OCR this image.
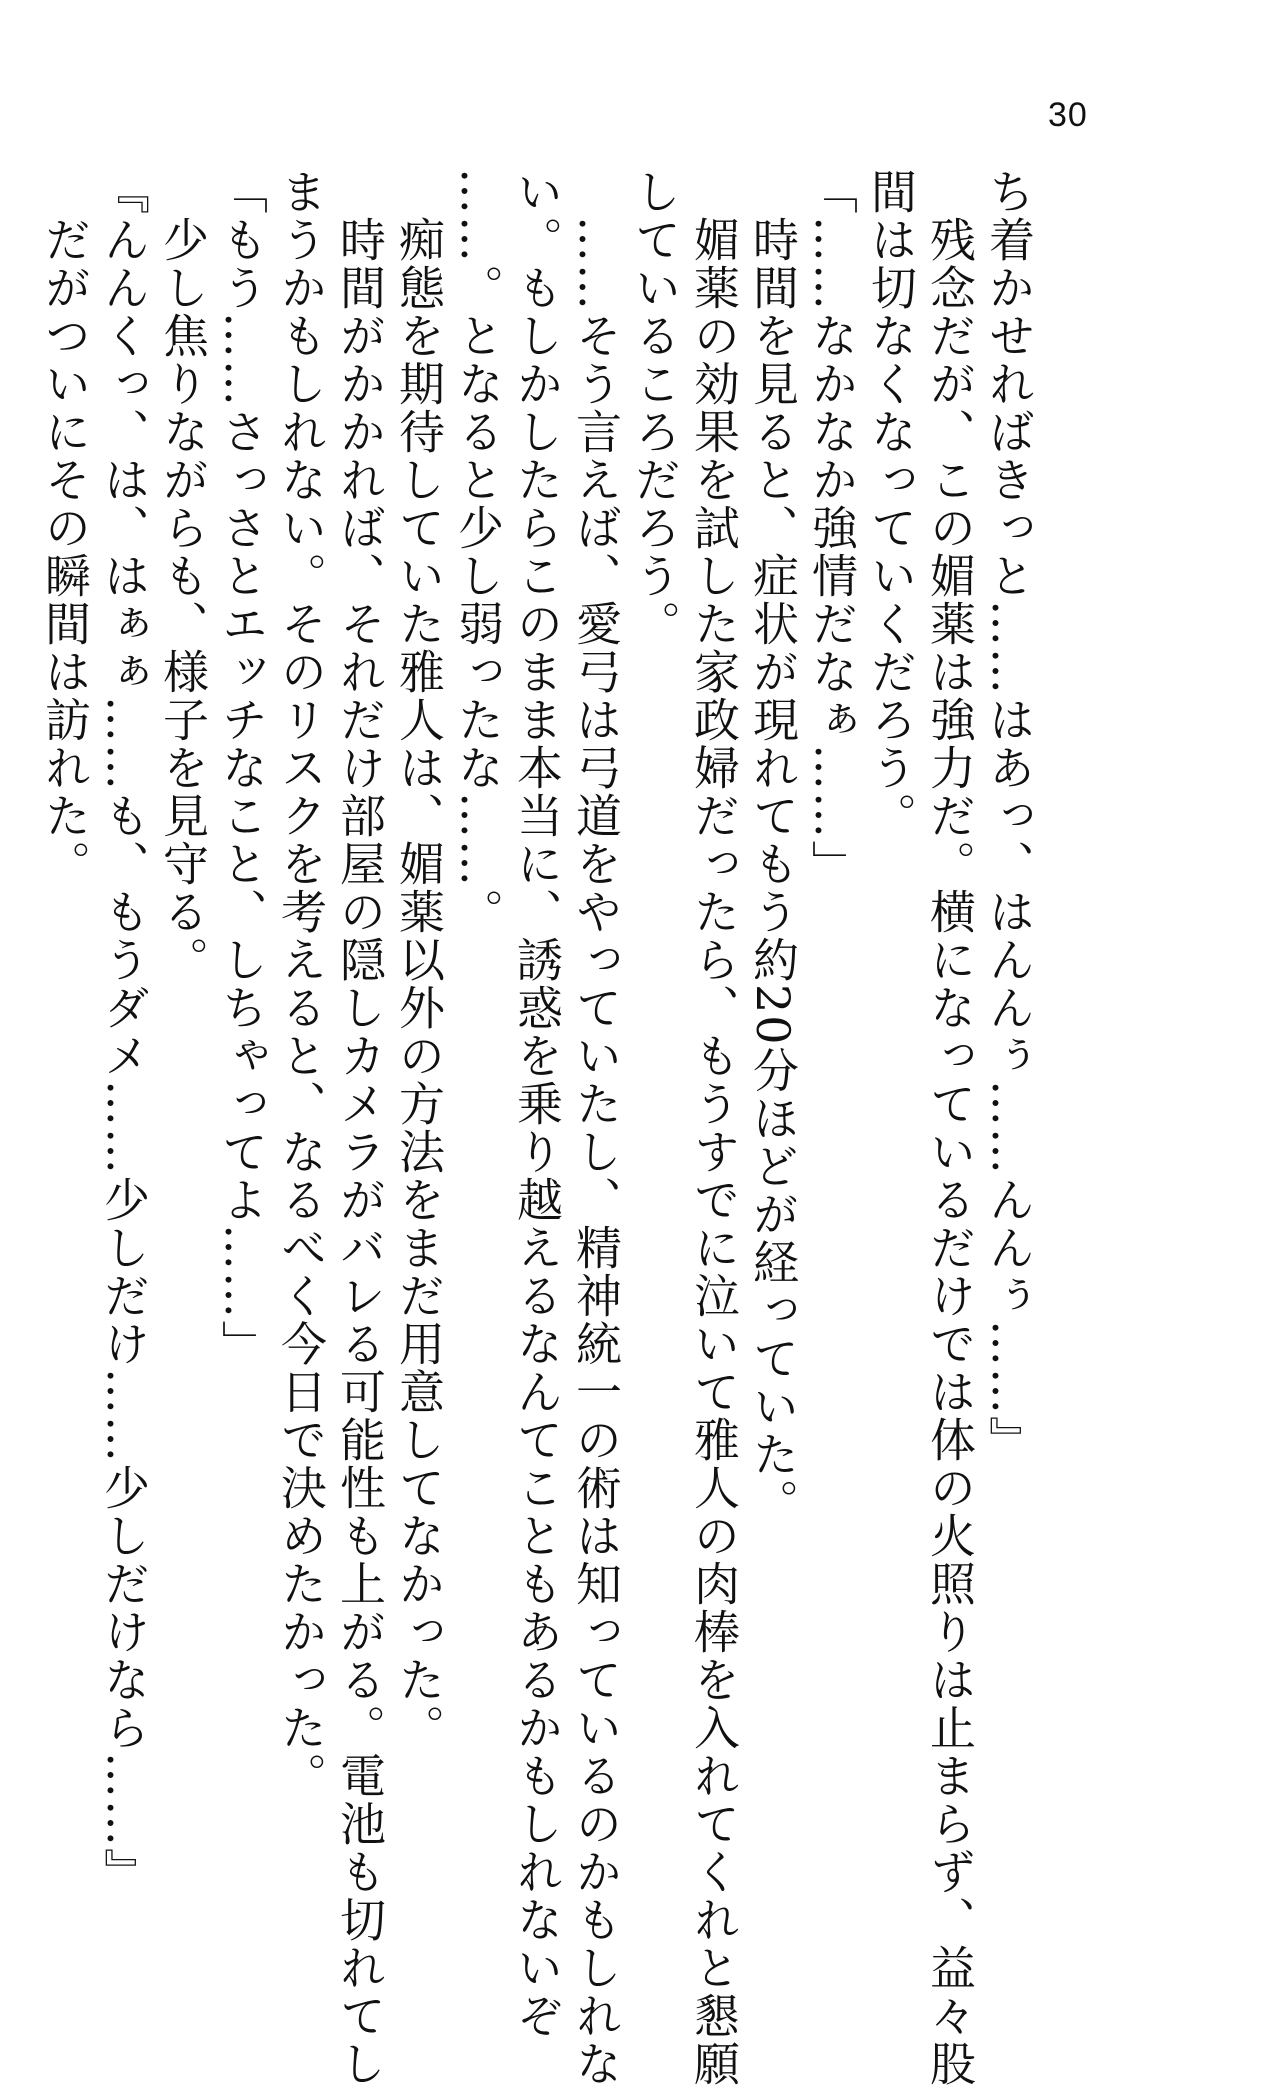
30
ち着かせればきっと……はあっ、はんんぅ……んんぅ……』
　残念だが、この媚薬は強力だ。横になっているだけでは体の火照りは止まらず、益々股
間は切なくなっていくだろう。
「……なかなか強情だなぁ……」
　時間を見ると、症状が現れてもう約20分ほどが経っていた。
　媚薬の効果を試した家政婦だったら、もうすでに泣いて雅人の肉棒を入れてくれと懇願
しているころだろう。
　……そう言えば、愛弓は弓道をやっていたし、精神統一の術は知っているのかもしれな
い。もしかしたらこのまま本当に、誘惑を乗り越えるなんてこともあるかもしれないぞ
……。となると少し弱ったな……。
　痴態を期待していた雅人は、媚薬以外の方法をまだ用意してなかった。
　時間がかかれば、それだけ部屋の隠しカメラがバレる可能性も上がる。電池も切れてし
まうかもしれない。そのリスクを考えると、なるべく今日で決めたかった。
「もう……さっさとエッチなこと、しちゃってよ……」
　少し焦りながらも、様子を見守る。
『んんくっ、は、はぁぁ……も、もうダメ……少しだけ……少しだけなら……』
　だがついにその瞬間は訪れた。
